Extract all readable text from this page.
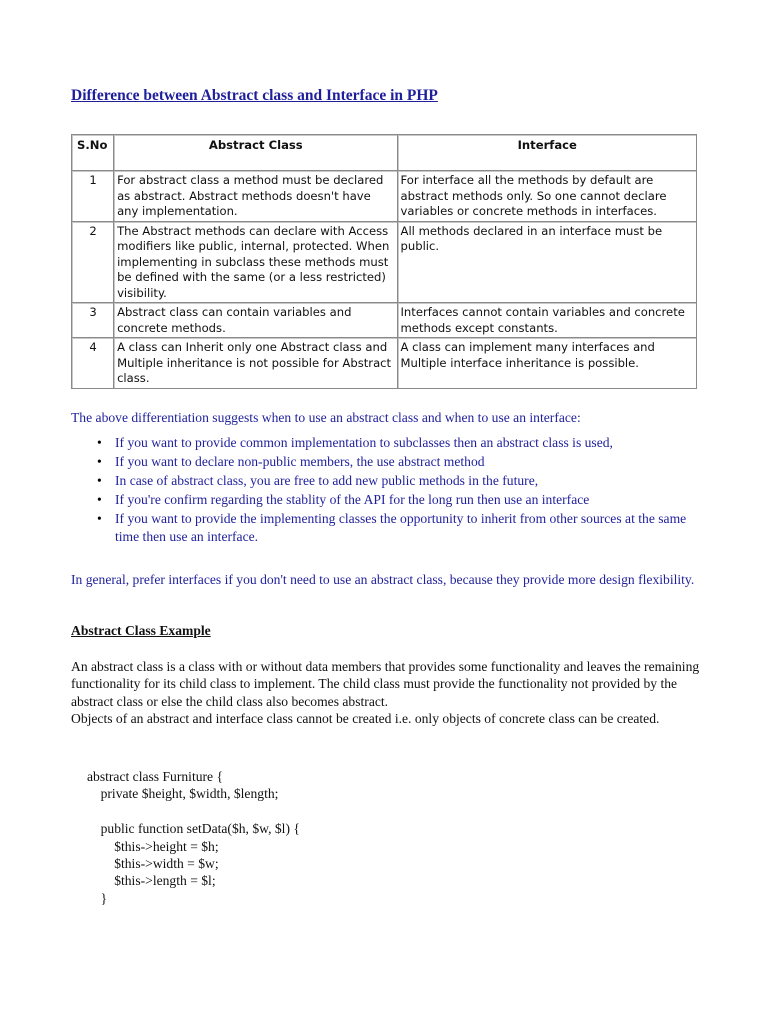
Difference between Abstract class and Interface in PHP
S.No	Abstract Class	Interface
1	For abstract class a method must be declared as abstract. Abstract methods doesn't have any implementation.	For interface all the methods by default are abstract methods only. So one cannot declare variables or concrete methods in interfaces.
2	The Abstract methods can declare with Access modifiers like public, internal, protected. When implementing in subclass these methods must be defined with the same (or a less restricted) visibility.	All methods declared in an interface must be public.
3	Abstract class can contain variables and concrete methods.	Interfaces cannot contain variables and concrete methods except constants.
4	A class can Inherit only one Abstract class and Multiple inheritance is not possible for Abstract class.	A class can implement many interfaces and Multiple interface inheritance is possible.
The above differentiation suggests when to use an abstract class and when to use an interface:
• If you want to provide common implementation to subclasses then an abstract class is used,
• If you want to declare non-public members, the use abstract method
• In case of abstract class, you are free to add new public methods in the future,
• If you're confirm regarding the stablity of the API for the long run then use an interface
• If you want to provide the implementing classes the opportunity to inherit from other sources at the same time then use an interface.
In general, prefer interfaces if you don't need to use an abstract class, because they provide more design flexibility.
Abstract Class Example
An abstract class is a class with or without data members that provides some functionality and leaves the remaining functionality for its child class to implement. The child class must provide the functionality not provided by the abstract class or else the child class also becomes abstract.
Objects of an abstract and interface class cannot be created i.e. only objects of concrete class can be created.
abstract class Furniture {
private $height, $width, $length;
public function setData($h, $w, $l) {
$this->height = $h;
$this->width = $w;
$this->length = $l;
}
